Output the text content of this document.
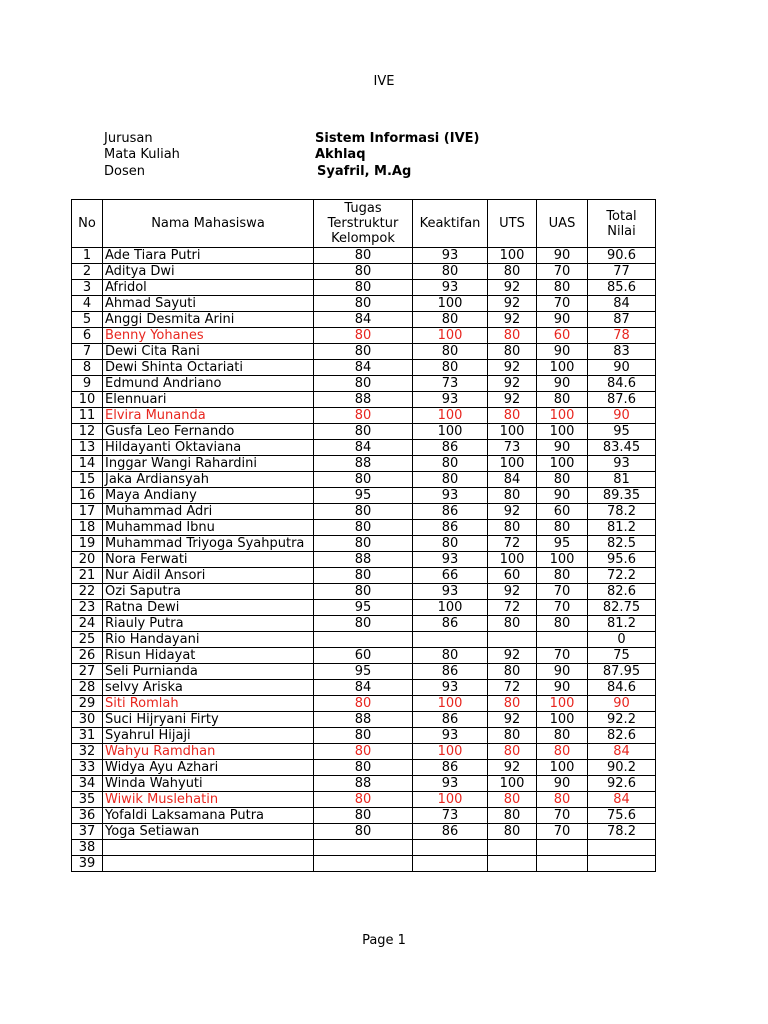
IVE
Jurusan	Sistem Informasi (IVE)
Mata Kuliah	Akhlaq
Dosen	Syafril, M.Ag
No	Nama Mahasiswa	Tugas Terstruktur Kelompok	Keaktifan	UTS	UAS	Total Nilai
1	Ade Tiara Putri	80	93	100	90	90.6
2	Aditya Dwi	80	80	80	70	77
3	Afridol	80	93	92	80	85.6
4	Ahmad Sayuti	80	100	92	70	84
5	Anggi Desmita Arini	84	80	92	90	87
6	Benny Yohanes	80	100	80	60	78
7	Dewi Cita Rani	80	80	80	90	83
8	Dewi Shinta Octariati	84	80	92	100	90
9	Edmund Andriano	80	73	92	90	84.6
10	Elennuari	88	93	92	80	87.6
11	Elvira Munanda	80	100	80	100	90
12	Gusfa Leo Fernando	80	100	100	100	95
13	Hildayanti Oktaviana	84	86	73	90	83.45
14	Inggar Wangi Rahardini	88	80	100	100	93
15	Jaka Ardiansyah	80	80	84	80	81
16	Maya Andiany	95	93	80	90	89.35
17	Muhammad Adri	80	86	92	60	78.2
18	Muhammad Ibnu	80	86	80	80	81.2
19	Muhammad Triyoga Syahputra	80	80	72	95	82.5
20	Nora Ferwati	88	93	100	100	95.6
21	Nur Aidil Ansori	80	66	60	80	72.2
22	Ozi Saputra	80	93	92	70	82.6
23	Ratna Dewi	95	100	72	70	82.75
24	Riauly Putra	80	86	80	80	81.2
25	Rio Handayani					0
26	Risun Hidayat	60	80	92	70	75
27	Seli Purnianda	95	86	80	90	87.95
28	selvy Ariska	84	93	72	90	84.6
29	Siti Romlah	80	100	80	100	90
30	Suci Hijryani Firty	88	86	92	100	92.2
31	Syahrul Hijaji	80	93	80	80	82.6
32	Wahyu Ramdhan	80	100	80	80	84
33	Widya Ayu Azhari	80	86	92	100	90.2
34	Winda Wahyuti	88	93	100	90	92.6
35	Wiwik Muslehatin	80	100	80	80	84
36	Yofaldi Laksamana Putra	80	73	80	70	75.6
37	Yoga Setiawan	80	86	80	70	78.2
38						
39						
Page 1
